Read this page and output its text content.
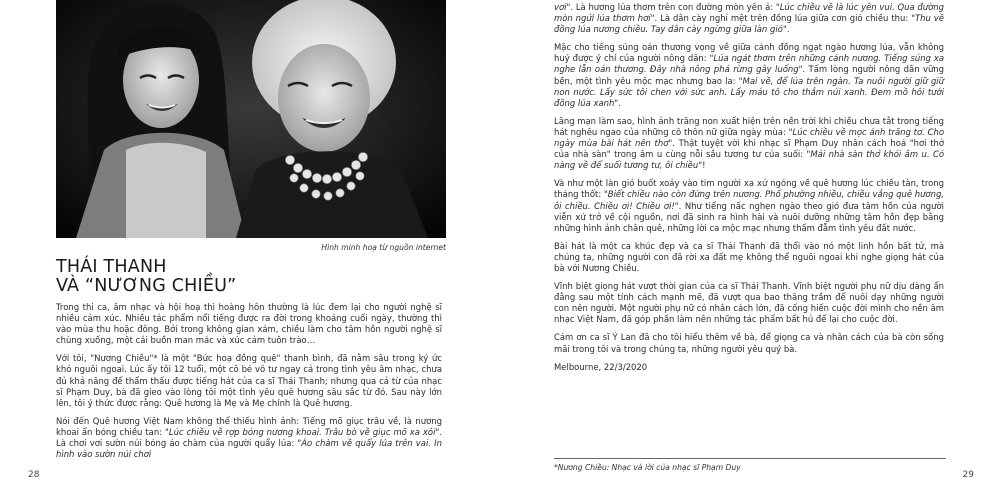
Hình minh hoạ từ nguồn internet
THÁI THANH
VÀ “NƯƠNG CHIỀU”

Trong thi ca, âm nhạc và hội hoạ thì hoàng hôn thường là lúc đem lại cho người nghệ sĩ nhiều cảm xúc. Nhiều tác phẩm nổi tiếng được ra đời trong khoảng cuối ngày, thường thì vào mùa thu hoặc đông. Bởi trong không gian xám, chiều làm cho tâm hồn người nghệ sĩ chùng xuống, một cái buồn man mác và xúc cảm tuôn trào…

Với tôi, "Nương Chiều"* là một "Bức hoạ đồng quê" thanh bình, đã nằm sâu trong ký ức khó nguôi ngoai. Lúc ấy tôi 12 tuổi, một cô bé vô tư ngay cả trong tình yêu âm nhạc, chưa đủ khả năng để thẩm thấu được tiếng hát của ca sĩ Thái Thanh; nhưng qua cả từ của nhạc sĩ Phạm Duy, bà đã gieo vào lòng tôi một tình yêu quê hương sâu sắc từ đó. Sau này lớn lên, tôi ý thức được rằng: Quê hương là Mẹ và Mẹ chính là Quê hương.

Nói đến Quê hương Việt Nam không thể thiếu hình ảnh: Tiếng mõ giục trâu về, là nương khoai ẩn bóng chiều tan: "Lúc chiều về rợp bóng nương khoai. Trâu bò về giục mõ xa xôi". Là chơi vơi sườn núi bóng áo chàm của người quẩy lúa: "Áo chàm về quẩy lúa trên vai. In hình vào sườn núi chơi

28

vơi". Là hương lúa thơm trên con đường mòn yên ả: "Lúc chiều về là lúc yên vui. Qua đường mòn ngửi lúa thơm hơi". Là dân cày nghỉ mệt trên đồng lúa giữa cơn gió chiều thu: "Thu về đồng lúa nương chiều. Tay dân cày ngừng giữa làn gió".

Mặc cho tiếng súng oán thương vọng về giữa cánh đồng ngạt ngào hương lúa, vẫn không huỷ được ý chí của người nông dân: "Lúa ngát thơm trên những cánh nương. Tiếng súng xa nghe lẫn oán thương. Đây nhà nông phá rừng gây luống". Tấm lòng người nông dân vững bền, một tình yêu mộc mạc nhưng bao la: "Mai về, để lúa trên ngàn. Ta nuôi người giữ giữ non nước. Lấy sức tôi chen với sức anh. Lấy máu tô cho thắm núi xanh. Đem mồ hôi tưới đồng lúa xanh".

Lãng mạn làm sao, hình ảnh trăng non xuất hiện trên nền trời khi chiều chưa tắt trong tiếng hát nghêu ngao của những cô thôn nữ giữa ngày mùa: "Lúc chiều về mọc ánh trăng tơ. Cho ngày mùa bài hát nên thơ". Thật tuyệt vời khi nhạc sĩ Phạm Duy nhân cách hoá "hơi thở của nhà sàn" trong âm u cùng nỗi sầu tương tư của suối: "Mái nhà sàn thở khói âm u. Có nàng về để suối tương tư, ôi chiều"!

Và như một làn gió buốt xoáy vào tim người xa xứ ngóng về quê hương lúc chiều tàn, trong tháng thốt: "Biết chiều nào còn đứng trên nương. Phố phường nhiều, chiều vắng quê hương, ôi chiều. Chiều ơi! Chiều ơi!". Như tiếng nấc nghẹn ngào theo gió đưa tâm hồn của người viễn xứ trở về cội nguồn, nơi đã sinh ra hình hài và nuôi dưỡng những tâm hồn đẹp bằng những hình ảnh chân quê, những lời ca mộc mạc nhưng thấm đẫm tình yêu đất nước.

Bài hát là một ca khúc đẹp và ca sĩ Thái Thanh đã thổi vào nó một linh hồn bất tử, mà chúng ta, những người con đã rời xa đất mẹ không thể nguôi ngoai khi nghe giọng hát của bà với Nương Chiều.

Vĩnh biệt giọng hát vượt thời gian của ca sĩ Thái Thanh. Vĩnh biệt người phụ nữ dịu dàng ẩn đằng sau một tính cách mạnh mẽ, đã vượt qua bao thăng trầm để nuôi dạy những người con nên người. Một người phụ nữ có nhân cách lớn, đã cống hiến cuộc đời mình cho nền âm nhạc Việt Nam, đã góp phần làm nên những tác phẩm bất hủ để lại cho cuộc đời.

Cám ơn ca sĩ Ý Lan đã cho tôi hiểu thêm về bà, để giọng ca và nhân cách của bà còn sống mãi trong tôi và trong chúng ta, những người yêu quý bà.

Melbourne, 22/3/2020

*Nương Chiều: Nhạc và lời của nhạc sĩ Phạm Duy
29
